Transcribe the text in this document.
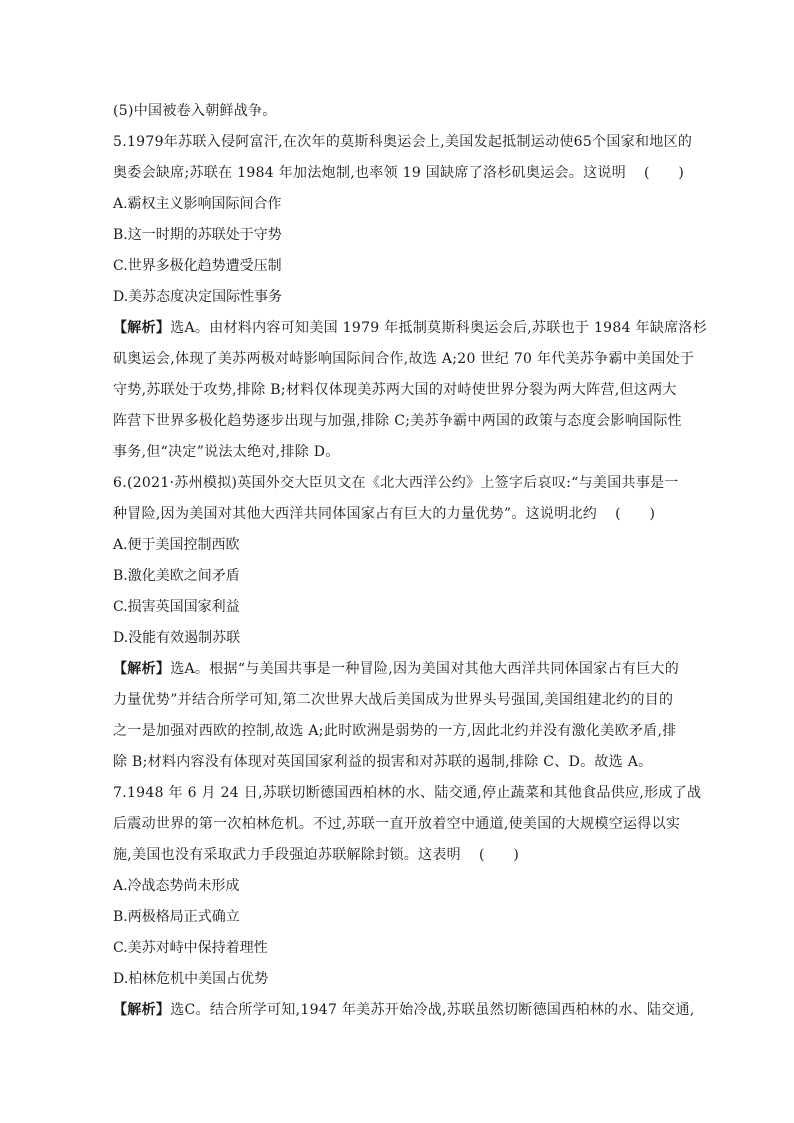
(5)中国被卷入朝鲜战争。
5.1979年苏联入侵阿富汗,在次年的莫斯科奥运会上,美国发起抵制运动使65个国家和地区的
奥委会缺席;苏联在 1984 年加法炮制,也率领 19 国缺席了洛杉矶奥运会。这说明 (　　)
A.霸权主义影响国际间合作
B.这一时期的苏联处于守势
C.世界多极化趋势遭受压制
D.美苏态度决定国际性事务
【解析】选A。由材料内容可知美国 1979 年抵制莫斯科奥运会后,苏联也于 1984 年缺席洛杉
矶奥运会,体现了美苏两极对峙影响国际间合作,故选 A;20 世纪 70 年代美苏争霸中美国处于
守势,苏联处于攻势,排除 B;材料仅体现美苏两大国的对峙使世界分裂为两大阵营,但这两大
阵营下世界多极化趋势逐步出现与加强,排除 C;美苏争霸中两国的政策与态度会影响国际性
事务,但“决定”说法太绝对,排除 D。
6.(2021·苏州模拟)英国外交大臣贝文在《北大西洋公约》上签字后哀叹:“与美国共事是一
种冒险,因为美国对其他大西洋共同体国家占有巨大的力量优势”。这说明北约 (　　)
A.便于美国控制西欧
B.激化美欧之间矛盾
C.损害英国国家利益
D.没能有效遏制苏联
【解析】选A。根据“与美国共事是一种冒险,因为美国对其他大西洋共同体国家占有巨大的
力量优势”并结合所学可知,第二次世界大战后美国成为世界头号强国,美国组建北约的目的
之一是加强对西欧的控制,故选 A;此时欧洲是弱势的一方,因此北约并没有激化美欧矛盾,排
除 B;材料内容没有体现对英国国家利益的损害和对苏联的遏制,排除 C、D。故选 A。
7.1948 年 6 月 24 日,苏联切断德国西柏林的水、陆交通,停止蔬菜和其他食品供应,形成了战
后震动世界的第一次柏林危机。不过,苏联一直开放着空中通道,使美国的大规模空运得以实
施,美国也没有采取武力手段强迫苏联解除封锁。这表明 (　　)
A.冷战态势尚未形成
B.两极格局正式确立
C.美苏对峙中保持着理性
D.柏林危机中美国占优势
【解析】选C。结合所学可知,1947 年美苏开始冷战,苏联虽然切断德国西柏林的水、陆交通,
